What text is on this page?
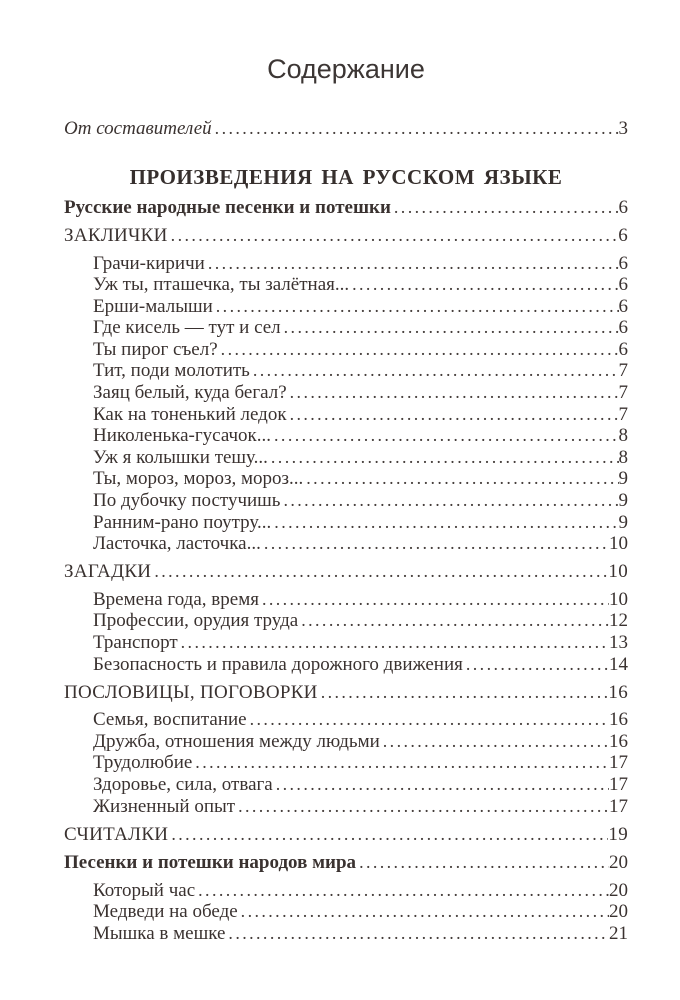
Содержание
От составителей .....	3
ПРОИЗВЕДЕНИЯ НА РУССКОМ ЯЗЫКЕ
Русские народные песенки и потешки .....	6
ЗАКЛИЧКИ .....	6
Грачи-киричи .....	6
Уж ты, пташечка, ты залётная... .....	6
Ерши-малыши .....	6
Где кисель — тут и сел .....	6
Ты пирог съел? .....	6
Тит, поди молотить .....	7
Заяц белый, куда бегал? .....	7
Как на тоненький ледок .....	7
Николенька-гусачок... .....	8
Уж я колышки тешу... .....	8
Ты, мороз, мороз, мороз... .....	9
По дубочку постучишь .....	9
Ранним-рано поутру... .....	9
Ласточка, ласточка... .....	10
ЗАГАДКИ .....	10
Времена года, время .....	10
Профессии, орудия труда .....	12
Транспорт .....	13
Безопасность и правила дорожного движения .....	14
ПОСЛОВИЦЫ, ПОГОВОРКИ .....	16
Семья, воспитание .....	16
Дружба, отношения между людьми .....	16
Трудолюбие .....	17
Здоровье, сила, отвага .....	17
Жизненный опыт .....	17
СЧИТАЛКИ .....	19
Песенки и потешки народов мира .....	20
Который час .....	20
Медведи на обеде .....	20
Мышка в мешке .....	21
